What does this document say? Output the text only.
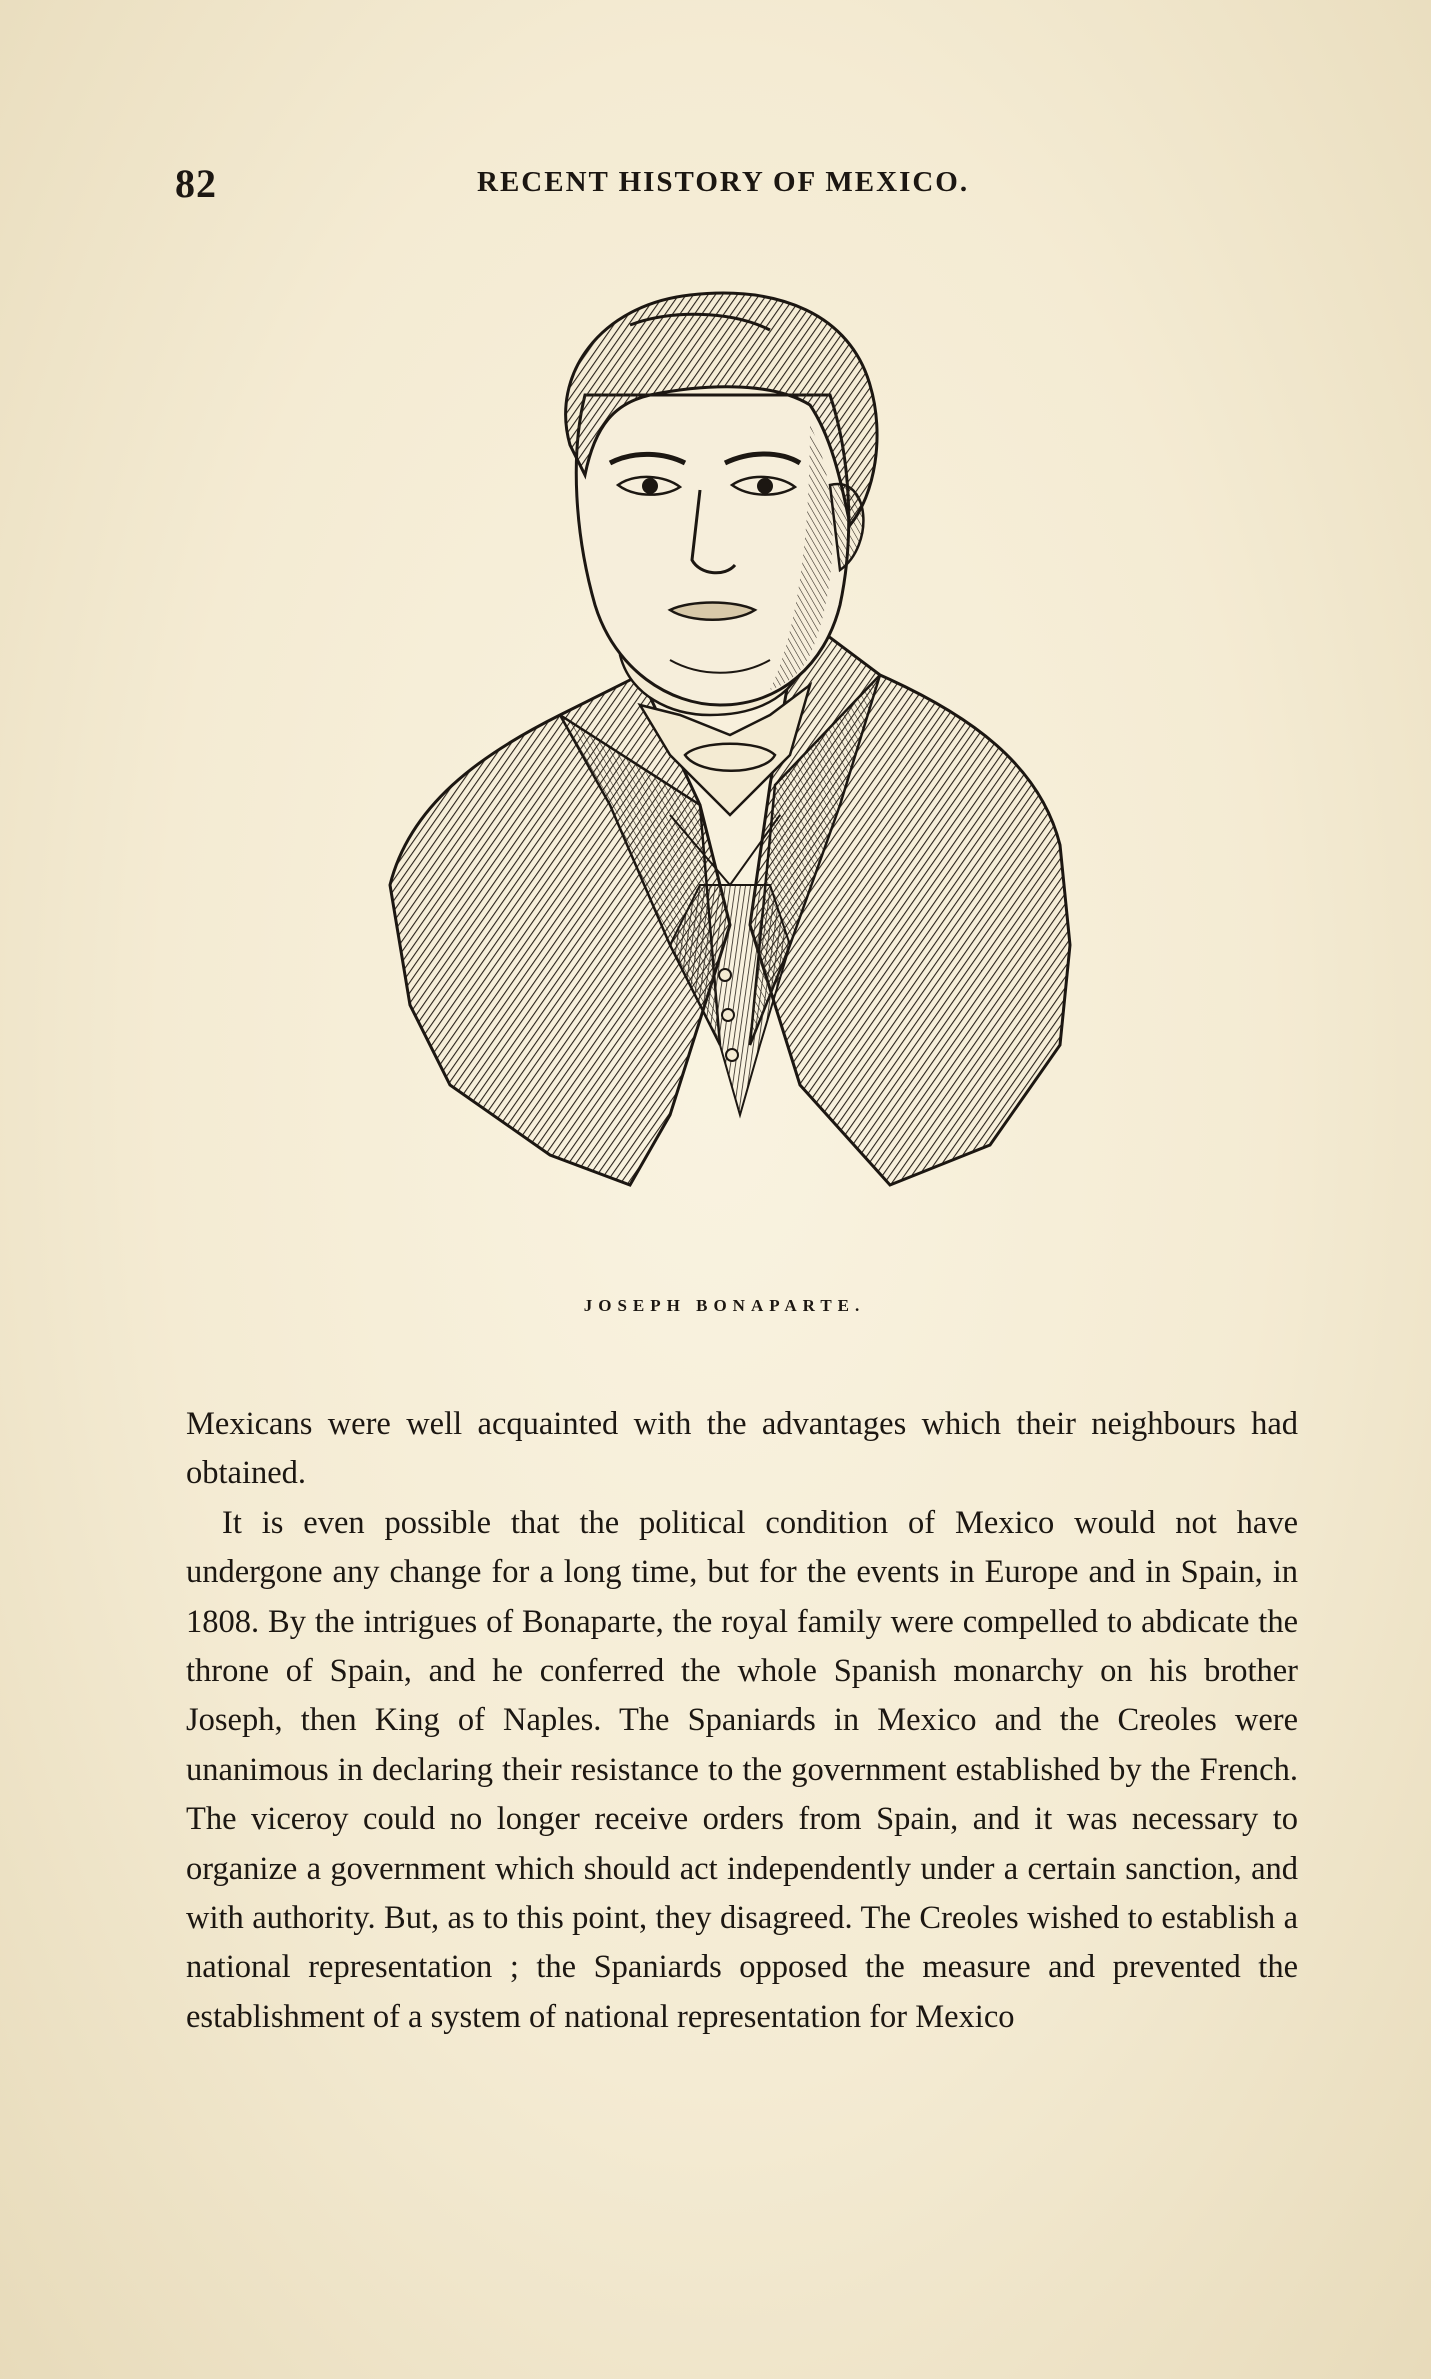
82	RECENT HISTORY OF MEXICO.
JOSEPH BONAPARTE.

Mexicans were well acquainted with the advantages which their neighbours had obtained.

It is even possible that the political condition of Mexico would not have undergone any change for a long time, but for the events in Europe and in Spain, in 1808. By the intrigues of Bonaparte, the royal family were compelled to abdicate the throne of Spain, and he conferred the whole Spanish monarchy on his brother Joseph, then King of Naples. The Spaniards in Mexico and the Creoles were unanimous in declaring their resistance to the government established by the French. The viceroy could no longer receive orders from Spain, and it was necessary to organize a government which should act independently under a certain sanction, and with authority. But, as to this point, they disagreed. The Creoles wished to establish a national representation ; the Spaniards opposed the measure and prevented the establishment of a system of national representation for Mexico
